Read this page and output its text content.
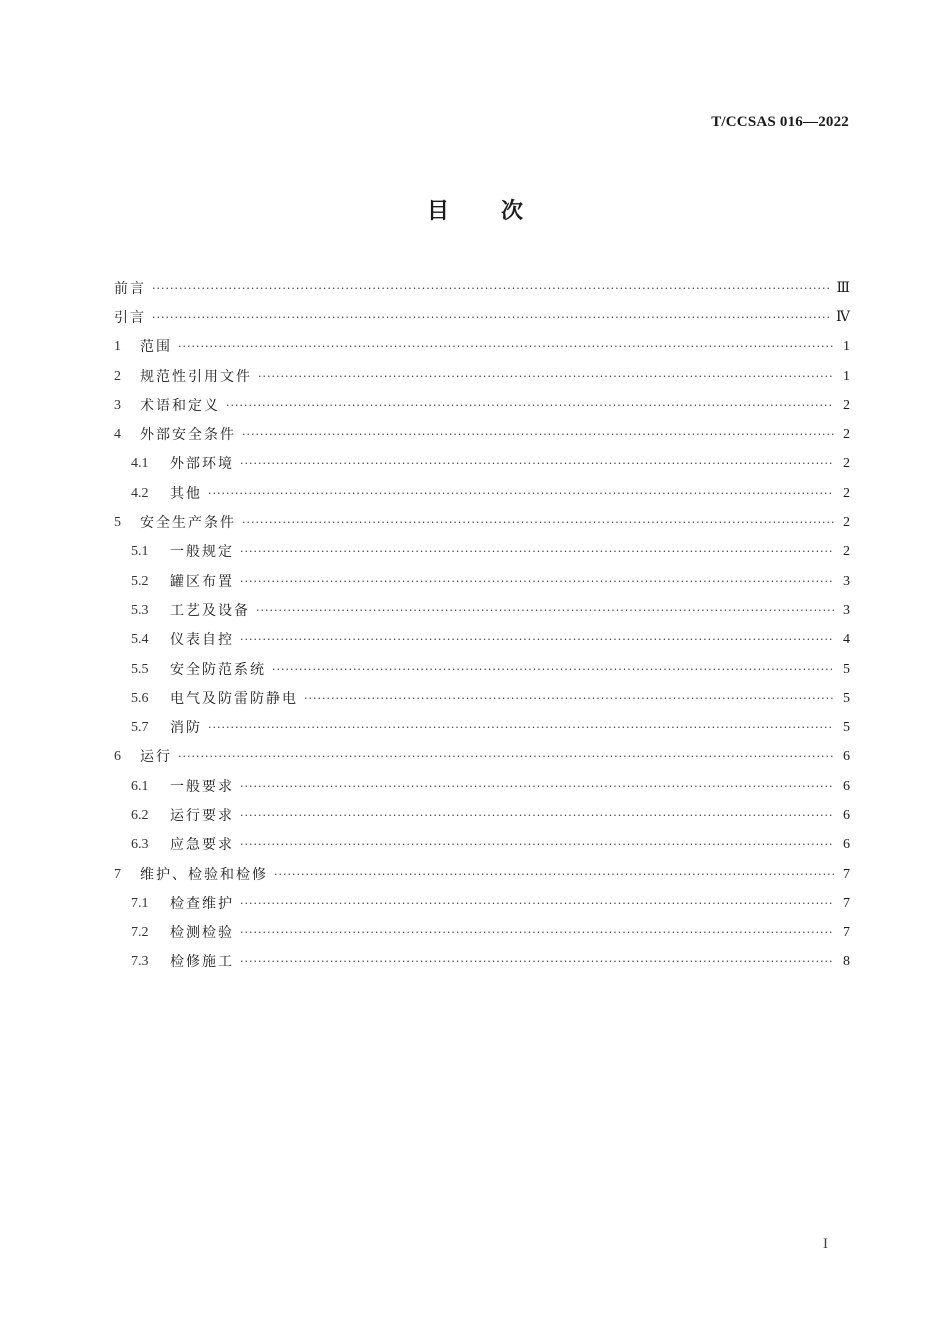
T/CCSAS 016—2022
目次
前言 ·····	Ⅲ
引言 ·····	Ⅳ
1	范围 ·····	1
2	规范性引用文件 ·····	1
3	术语和定义 ·····	2
4	外部安全条件 ·····	2
4.1	外部环境 ·····	2
4.2	其他 ·····	2
5	安全生产条件 ·····	2
5.1	一般规定 ·····	2
5.2	罐区布置 ·····	3
5.3	工艺及设备 ·····	3
5.4	仪表自控 ·····	4
5.5	安全防范系统 ·····	5
5.6	电气及防雷防静电 ·····	5
5.7	消防 ·····	5
6	运行 ·····	6
6.1	一般要求 ·····	6
6.2	运行要求 ·····	6
6.3	应急要求 ·····	6
7	维护、检验和检修 ·····	7
7.1	检查维护 ·····	7
7.2	检测检验 ·····	7
7.3	检修施工 ·····	8
I
